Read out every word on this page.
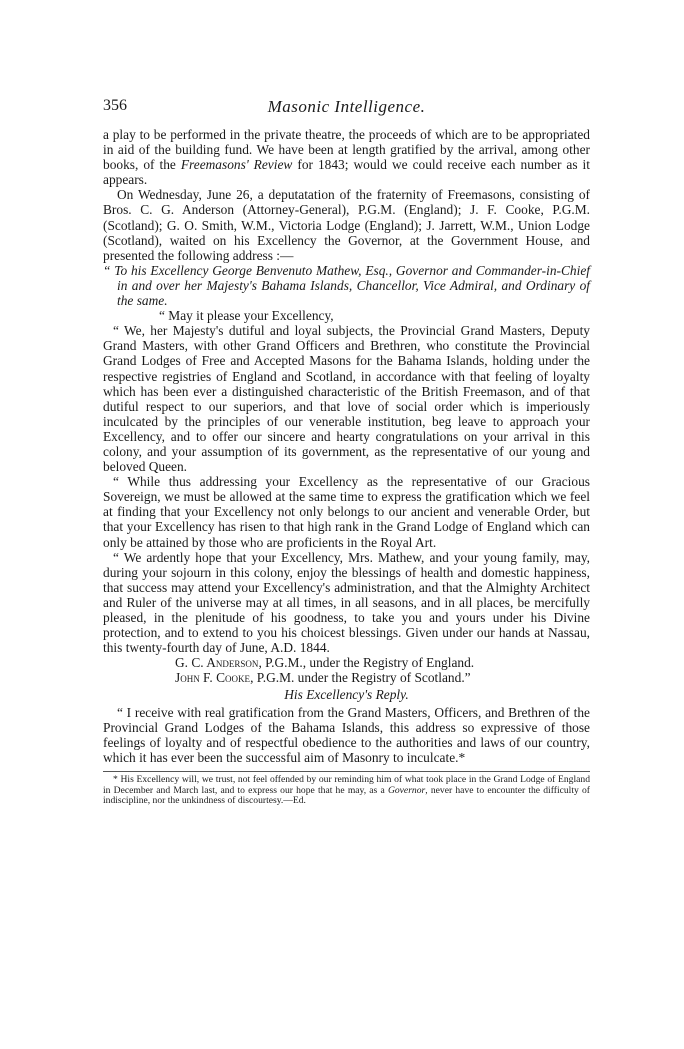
356	Masonic Intelligence.

a play to be performed in the private theatre, the proceeds of which are to be appropriated in aid of the building fund. We have been at length gratified by the arrival, among other books, of the Freemasons' Review for 1843; would we could receive each number as it appears.

On Wednesday, June 26, a deputatation of the fraternity of Freemasons, consisting of Bros. C. G. Anderson (Attorney-General), P.G.M. (England); J. F. Cooke, P.G.M. (Scotland); G. O. Smith, W.M., Victoria Lodge (England); J. Jarrett, W.M., Union Lodge (Scotland), waited on his Excellency the Governor, at the Government House, and presented the following address :—

“ To his Excellency George Benvenuto Mathew, Esq., Governor and Commander-in-Chief in and over her Majesty's Bahama Islands, Chancellor, Vice Admiral, and Ordinary of the same.

“ May it please your Excellency,

“ We, her Majesty's dutiful and loyal subjects, the Provincial Grand Masters, Deputy Grand Masters, with other Grand Officers and Brethren, who constitute the Provincial Grand Lodges of Free and Accepted Masons for the Bahama Islands, holding under the respective registries of England and Scotland, in accordance with that feeling of loyalty which has been ever a distinguished characteristic of the British Freemason, and of that dutiful respect to our superiors, and that love of social order which is imperiously inculcated by the principles of our venerable institution, beg leave to approach your Excellency, and to offer our sincere and hearty congratulations on your arrival in this colony, and your assumption of its government, as the representative of our young and beloved Queen.

“ While thus addressing your Excellency as the representative of our Gracious Sovereign, we must be allowed at the same time to express the gratification which we feel at finding that your Excellency not only belongs to our ancient and venerable Order, but that your Excellency has risen to that high rank in the Grand Lodge of England which can only be attained by those who are proficients in the Royal Art.

“ We ardently hope that your Excellency, Mrs. Mathew, and your young family, may, during your sojourn in this colony, enjoy the blessings of health and domestic happiness, that success may attend your Excellency's administration, and that the Almighty Architect and Ruler of the universe may at all times, in all seasons, and in all places, be mercifully pleased, in the plenitude of his goodness, to take you and yours under his Divine protection, and to extend to you his choicest blessings. Given under our hands at Nassau, this twenty-fourth day of June, A.D. 1844.

G. C. Anderson, P.G.M., under the Registry of England.

John F. Cooke, P.G.M. under the Registry of Scotland.”

His Excellency's Reply.

“ I receive with real gratification from the Grand Masters, Officers, and Brethren of the Provincial Grand Lodges of the Bahama Islands, this address so expressive of those feelings of loyalty and of respectful obedience to the authorities and laws of our country, which it has ever been the successful aim of Masonry to inculcate.*

* His Excellency will, we trust, not feel offended by our reminding him of what took place in the Grand Lodge of England in December and March last, and to express our hope that he may, as a Governor, never have to encounter the difficulty of indiscipline, nor the unkindness of discourtesy.—Ed.
